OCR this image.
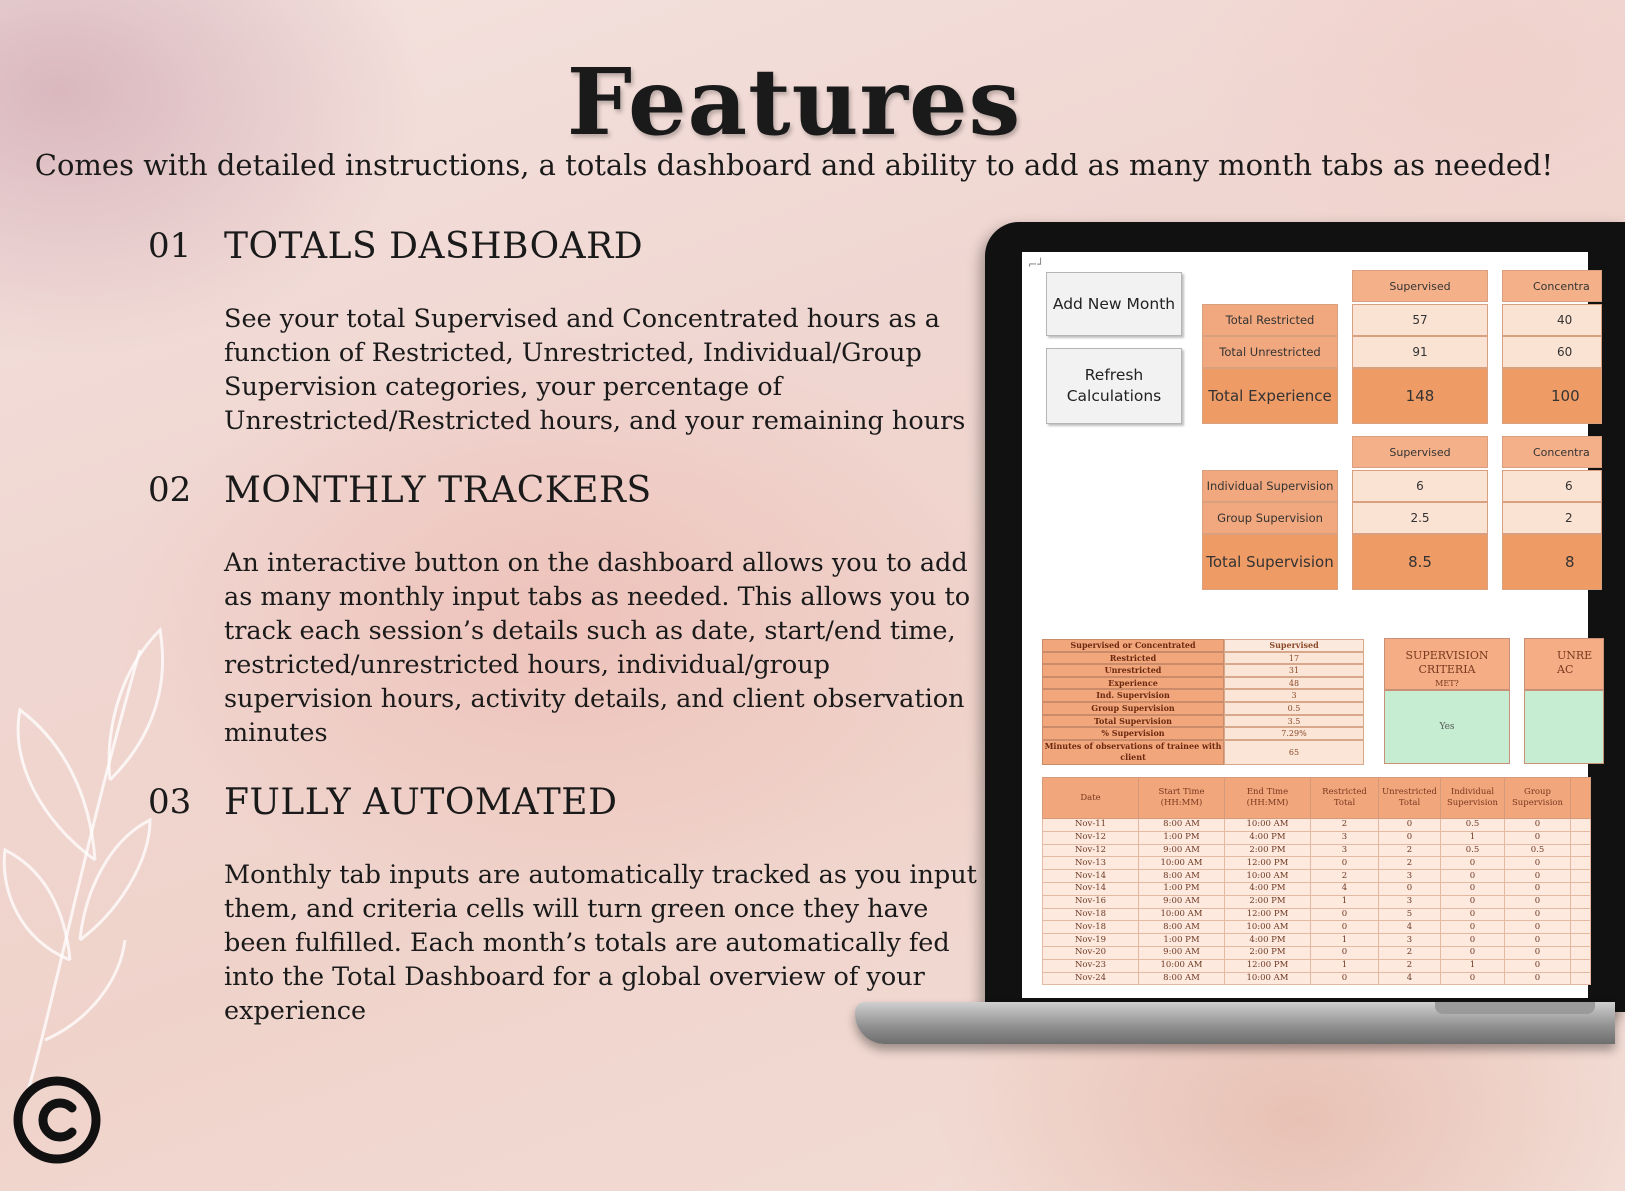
Features
Comes with detailed instructions, a totals dashboard and ability to add as many month tabs as needed!
01 TOTALS DASHBOARD
See your total Supervised and Concentrated hours as a function of Restricted, Unrestricted, Individual/Group Supervision categories, your percentage of Unrestricted/Restricted hours, and your remaining hours
02 MONTHLY TRACKERS
An interactive button on the dashboard allows you to add as many monthly input tabs as needed. This allows you to track each session’s details such as date, start/end time, restricted/unrestricted hours, individual/group supervision hours, activity details, and client observation minutes
03 FULLY AUTOMATED
Monthly tab inputs are automatically tracked as you input them, and criteria cells will turn green once they have been fulfilled. Each month’s totals are automatically fed into the Total Dashboard for a global overview of your experience
⌐┘
Add New Month
Refresh Calculations
Supervised	Concentra
Total Restricted	57	40
Total Unrestricted	91	60
Total Experience	148	100
Supervised	Concentra
Individual Supervision	6	6
Group Supervision	2.5	2
Total Supervision	8.5	8
Supervised or Concentrated	Supervised
Restricted	17
Unrestricted	31
Experience	48
Ind. Supervision	3
Group Supervision	0.5
Total Supervision	3.5
% Supervision	7.29%
Minutes of observations of trainee with client	65
SUPERVISION CRITERIA
MET?
Yes
UNRE AC
Date	Start Time (HH:MM)	End Time (HH:MM)	Restricted Total	Unrestricted Total	Individual Supervision	Group Supervision	
Nov-11	8:00 AM	10:00 AM	2	0	0.5	0	
Nov-12	1:00 PM	4:00 PM	3	0	1	0	
Nov-12	9:00 AM	2:00 PM	3	2	0.5	0.5	
Nov-13	10:00 AM	12:00 PM	0	2	0	0	
Nov-14	8:00 AM	10:00 AM	2	3	0	0	
Nov-14	1:00 PM	4:00 PM	4	0	0	0	
Nov-16	9:00 AM	2:00 PM	1	3	0	0	
Nov-18	10:00 AM	12:00 PM	0	5	0	0	
Nov-18	8:00 AM	10:00 AM	0	4	0	0	
Nov-19	1:00 PM	4:00 PM	1	3	0	0	
Nov-20	9:00 AM	2:00 PM	0	2	0	0	
Nov-23	10:00 AM	12:00 PM	1	2	1	0	
Nov-24	8:00 AM	10:00 AM	0	4	0	0	
